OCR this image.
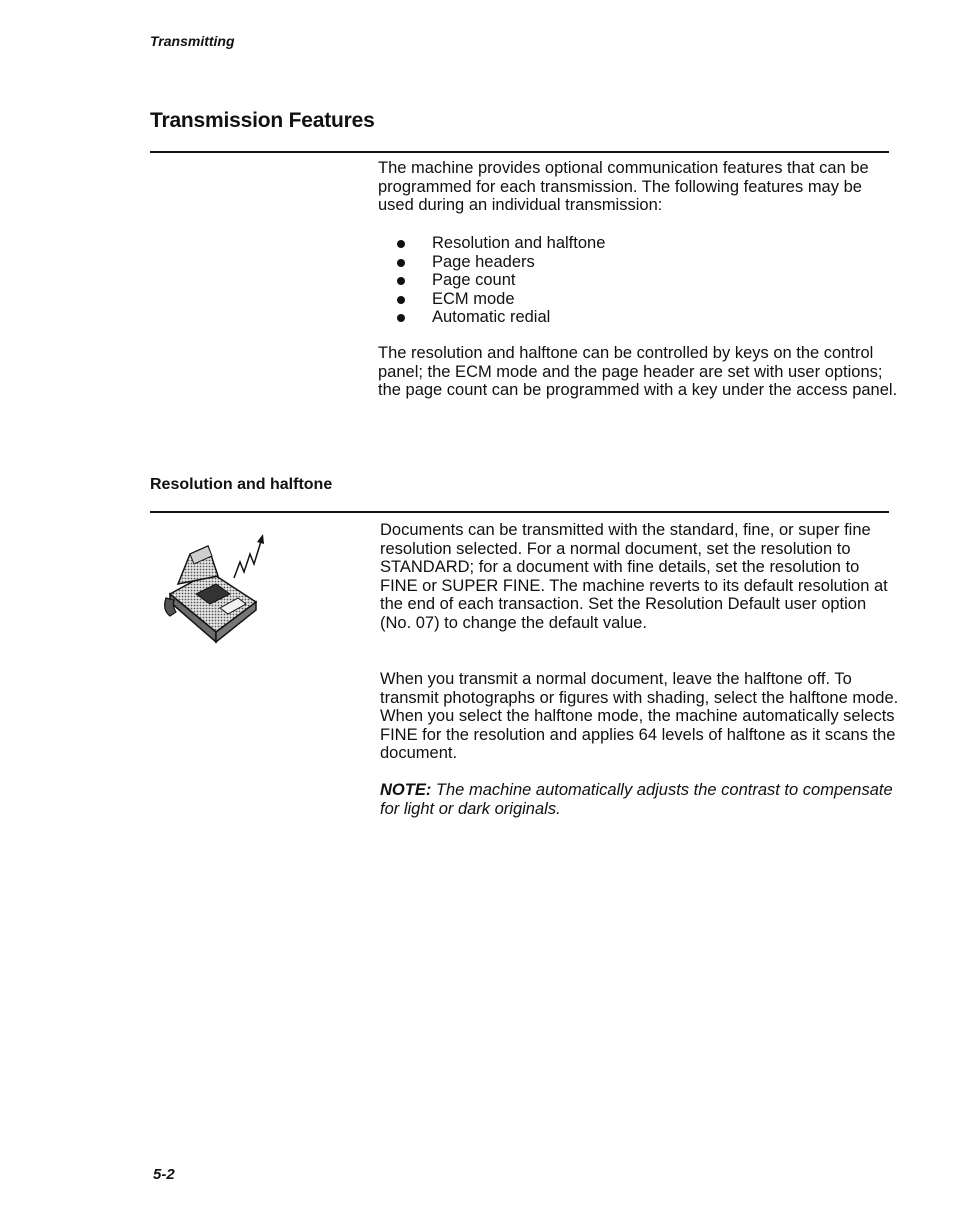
Transmitting
Transmission Features

The machine provides optional communication features that can be programmed for each transmission. The following features may be used during an individual transmission:

Resolution and halftone
Page headers
Page count
ECM mode
Automatic redial

The resolution and halftone can be controlled by keys on the control panel; the ECM mode and the page header are set with user options; the page count can be programmed with a key under the access panel.

Resolution and halftone

Documents can be transmitted with the standard, fine, or super fine resolution selected. For a normal document, set the resolution to STANDARD; for a document with fine details, set the resolution to FINE or SUPER FINE. The machine reverts to its default resolution at the end of each transaction. Set the Resolution Default user option (No. 07) to change the default value.

When you transmit a normal document, leave the halftone off. To transmit photographs or figures with shading, select the halftone mode. When you select the halftone mode, the machine automatically selects FINE for the resolution and applies 64 levels of halftone as it scans the document.

NOTE: The machine automatically adjusts the contrast to compensate for light or dark originals.

5-2
